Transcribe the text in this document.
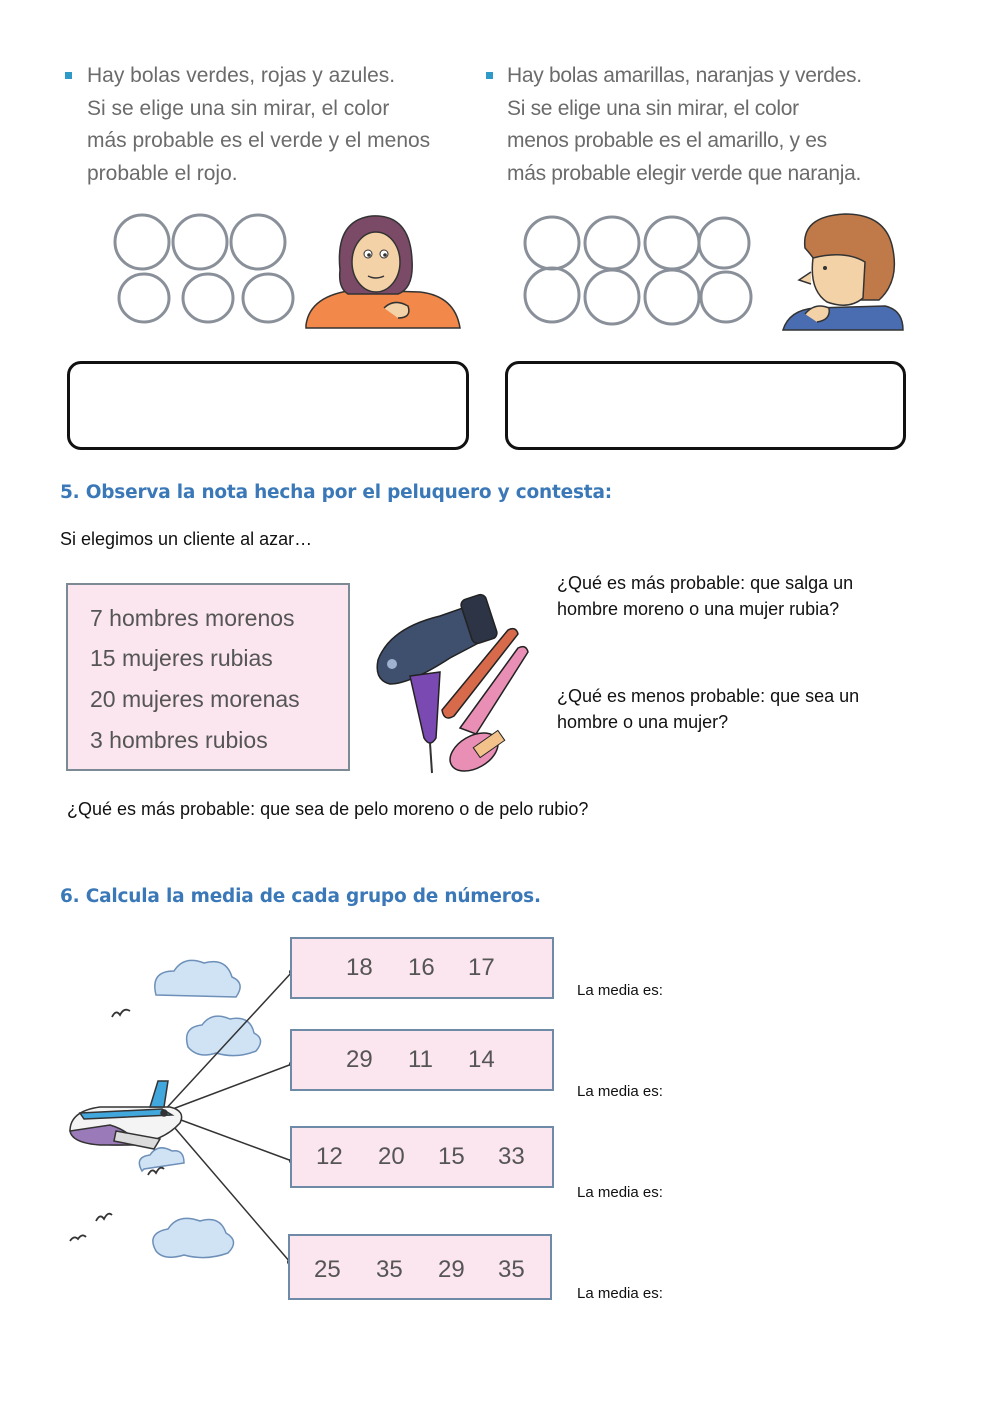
Hay bolas verdes, rojas y azules.
Si se elige una sin mirar, el color
más probable es el verde y el menos
probable el rojo.
Hay bolas amarillas, naranjas y verdes.
Si se elige una sin mirar, el color
menos probable es el amarillo, y es
más probable elegir verde que naranja.
5. Observa la nota hecha por el peluquero y contesta:
Si elegimos un cliente al azar…
7 hombres morenos
15 mujeres rubias
20 mujeres morenas
3 hombres rubios
¿Qué es más probable: que salga un hombre moreno o una mujer rubia?
¿Qué es menos probable: que sea un hombre o una mujer?
¿Qué es más probable: que sea de pelo moreno o de pelo rubio?
6. Calcula la media de cada grupo de números.
18 16 17
La media es:
29 11 14
La media es:
12 20 15 33
La media es:
25 35 29 35
La media es:
